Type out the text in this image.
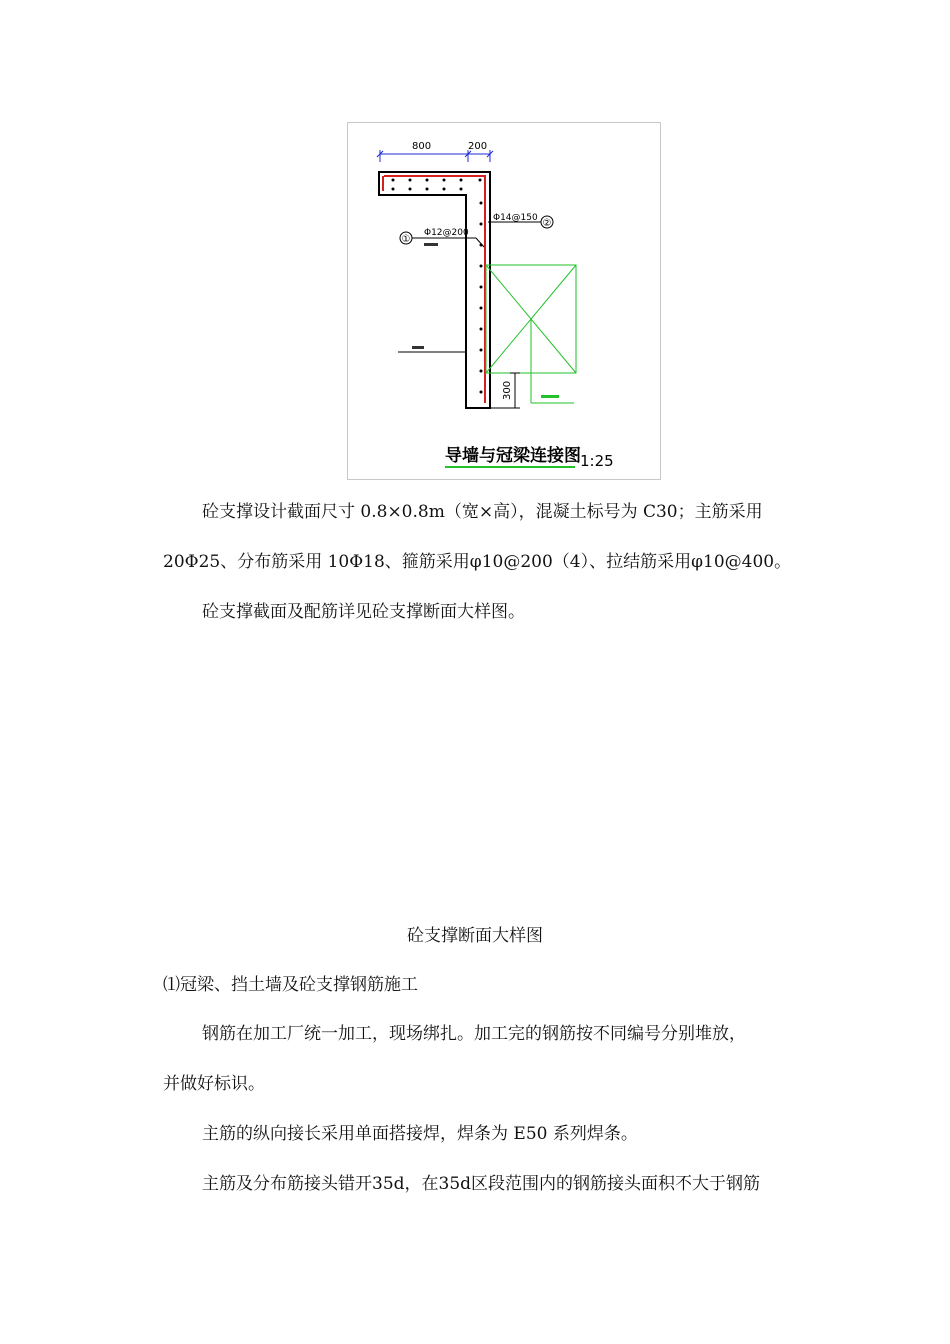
800	200
Φ14@150 ②
①
Φ12@200
300
导墙与冠梁连接图 1:25

砼支撑设计截面尺寸 0.8×0.8m（宽×高），混凝土标号为 C30；主筋采用

20Φ25、分布筋采用 10Φ18、箍筋采用φ10@200（4）、拉结筋采用φ10@400。

砼支撑截面及配筋详见砼支撑断面大样图。

砼支撑断面大样图

⑴冠梁、挡土墙及砼支撑钢筋施工

钢筋在加工厂统一加工，现场绑扎。加工完的钢筋按不同编号分别堆放，

并做好标识。

主筋的纵向接长采用单面搭接焊，焊条为 E50 系列焊条。

主筋及分布筋接头错开35d，在35d区段范围内的钢筋接头面积不大于钢筋
